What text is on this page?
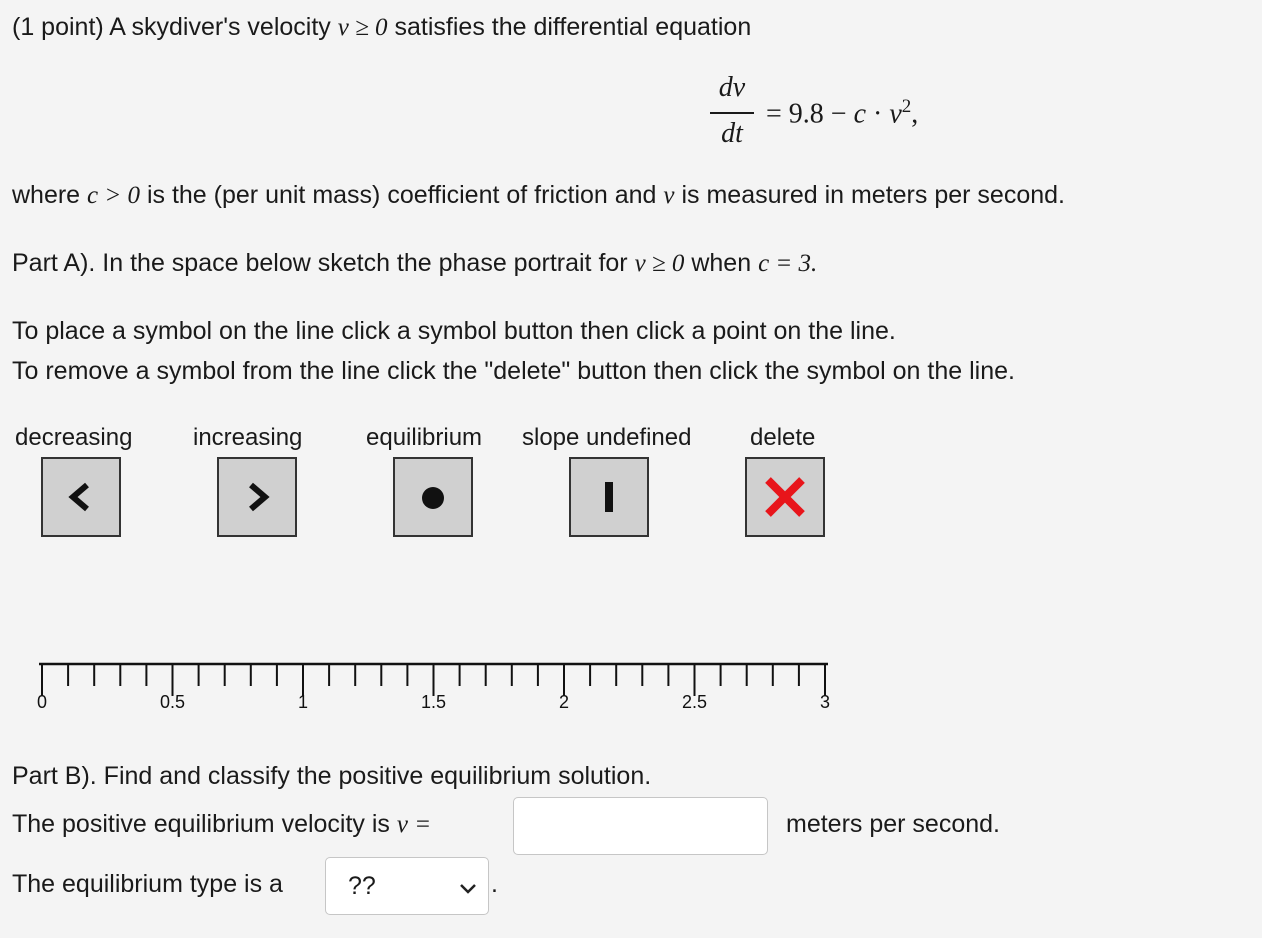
(1 point) A skydiver's velocity v ≥ 0 satisfies the differential equation
dv
dt
= $9.8 - c \cdot v^2$,
where c > 0 is the (per unit mass) coefficient of friction and v is measured in meters per second.
Part A). In the space below sketch the phase portrait for v ≥ 0 when c = 3.
To place a symbol on the line click a symbol button then click a point on the line.
To remove a symbol from the line click the "delete" button then click the symbol on the line.
decreasing	increasing	equilibrium slope undefined delete
0	0.5	1	1.5	2	2.5	3
Part B). Find and classify the positive equilibrium solution.
The positive equilibrium velocity is v =	meters per second.
The equilibrium type is a	??	.
